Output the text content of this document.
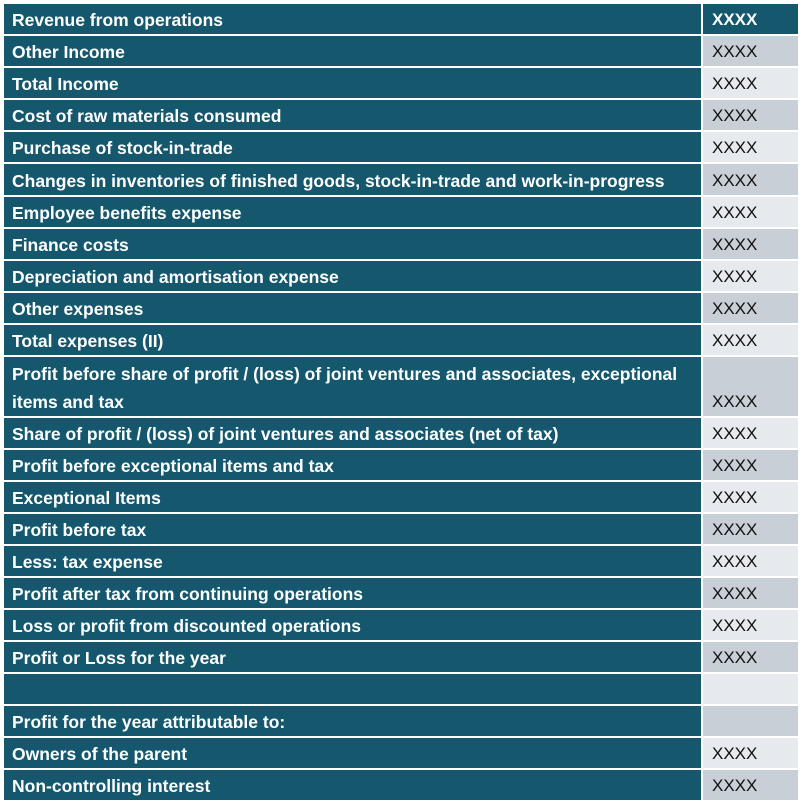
Revenue from operations	XXXX
Other Income	XXXX
Total Income	XXXX
Cost of raw materials consumed	XXXX
Purchase of stock-in-trade	XXXX
Changes in inventories of finished goods, stock-in-trade and work-in-progress	XXXX
Employee benefits expense	XXXX
Finance costs	XXXX
Depreciation and amortisation expense	XXXX
Other expenses	XXXX
Total expenses (II)	XXXX
Profit before share of profit / (loss) of joint ventures and associates, exceptional items and tax	XXXX
Share of profit / (loss) of joint ventures and associates (net of tax)	XXXX
Profit before exceptional items and tax	XXXX
Exceptional Items	XXXX
Profit before tax	XXXX
Less: tax expense	XXXX
Profit after tax from continuing operations	XXXX
Loss or profit from discounted operations	XXXX
Profit or Loss for the year	XXXX

Profit for the year attributable to:
Owners of the parent	XXXX
Non-controlling interest	XXXX
